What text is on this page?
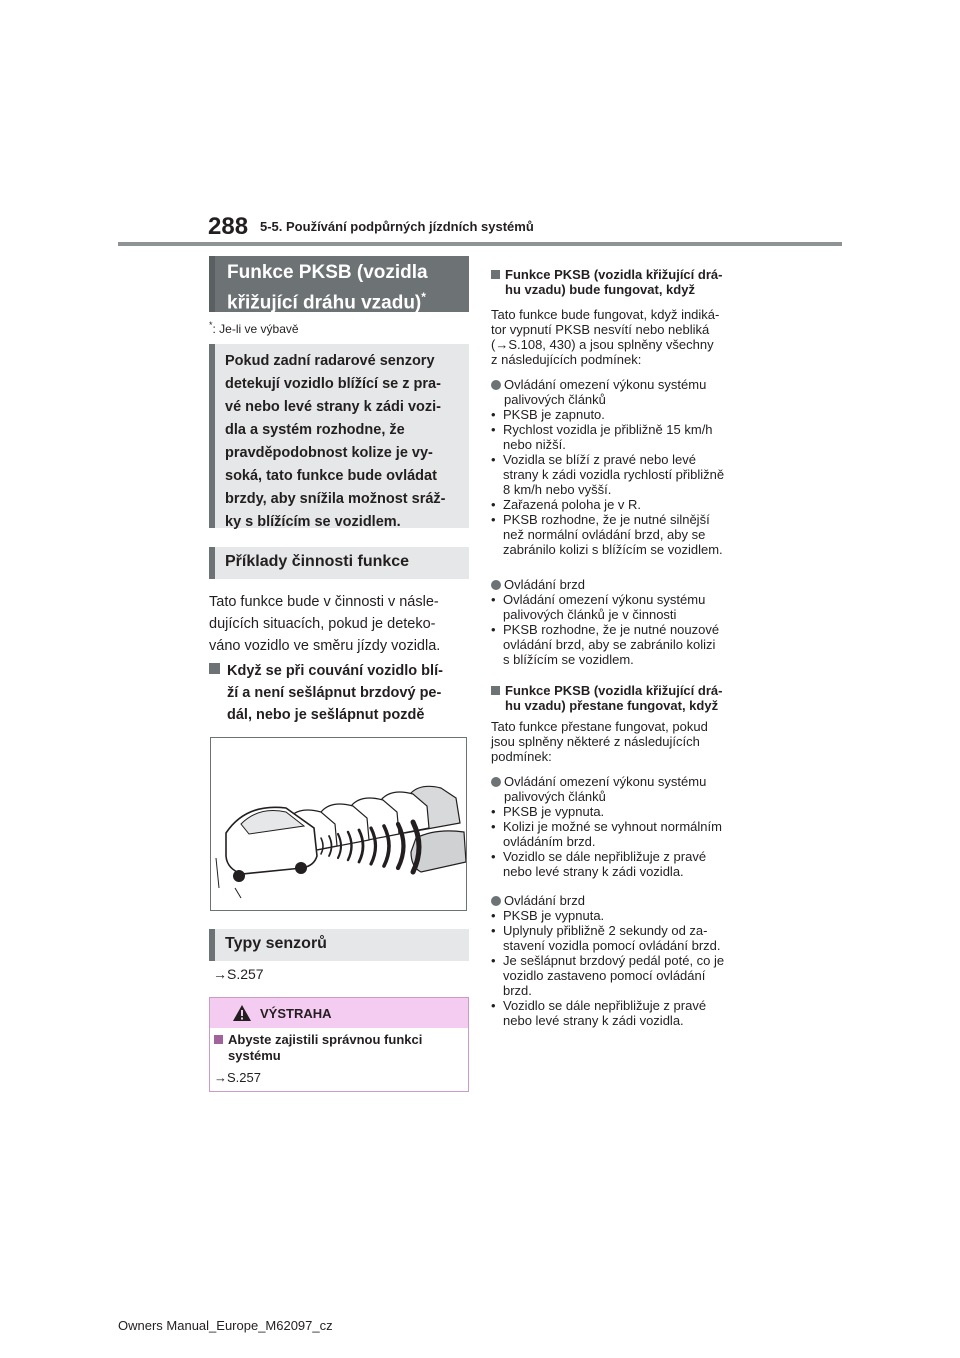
288 5-5. Používání podpůrných jízdních systémů
Funkce PKSB (vozidla
křižující dráhu vzadu)*
*: Je-li ve výbavě
Pokud zadní radarové senzory
detekují vozidlo blížící se z pra-
vé nebo levé strany k zádi vozi-
dla a systém rozhodne, že
pravděpodobnost kolize je vy-
soká, tato funkce bude ovládat
brzdy, aby snížila možnost sráž-
ky s blížícím se vozidlem.
Příklady činnosti funkce
Tato funkce bude v činnosti v násle-
dujících situacích, pokud je deteko-
váno vozidlo ve směru jízdy vozidla.
Když se při couvání vozidlo blí-
ží a není sešlápnut brzdový pe-
dál, nebo je sešlápnut pozdě
Typy senzorů
→S.257
VÝSTRAHA
Abyste zajistili správnou funkci
systému
→S.257
Funkce PKSB (vozidla křižující drá-
hu vzadu) bude fungovat, když
Tato funkce bude fungovat, když indiká-
tor vypnutí PKSB nesvítí nebo nebliká
(→S.108, 430) a jsou splněny všechny
z následujících podmínek:
Ovládání omezení výkonu systému
palivových článků
• PKSB je zapnuto.
• Rychlost vozidla je přibližně 15 km/h
nebo nižší.
• Vozidla se blíží z pravé nebo levé
strany k zádi vozidla rychlostí přibližně
8 km/h nebo vyšší.
• Zařazená poloha je v R.
• PKSB rozhodne, že je nutné silnější
než normální ovládání brzd, aby se
zabránilo kolizi s blížícím se vozidlem.
Ovládání brzd
• Ovládání omezení výkonu systému
palivových článků je v činnosti
• PKSB rozhodne, že je nutné nouzové
ovládání brzd, aby se zabránilo kolizi
s blížícím se vozidlem.
Funkce PKSB (vozidla křižující drá-
hu vzadu) přestane fungovat, když
Tato funkce přestane fungovat, pokud
jsou splněny některé z následujících
podmínek:
Ovládání omezení výkonu systému
palivových článků
• PKSB je vypnuta.
• Kolizi je možné se vyhnout normálním
ovládáním brzd.
• Vozidlo se dále nepřibližuje z pravé
nebo levé strany k zádi vozidla.
Ovládání brzd
• PKSB je vypnuta.
• Uplynuly přibližně 2 sekundy od za-
stavení vozidla pomocí ovládání brzd.
• Je sešlápnut brzdový pedál poté, co je
vozidlo zastaveno pomocí ovládání
brzd.
• Vozidlo se dále nepřibližuje z pravé
nebo levé strany k zádi vozidla.
Owners Manual_Europe_M62097_cz
